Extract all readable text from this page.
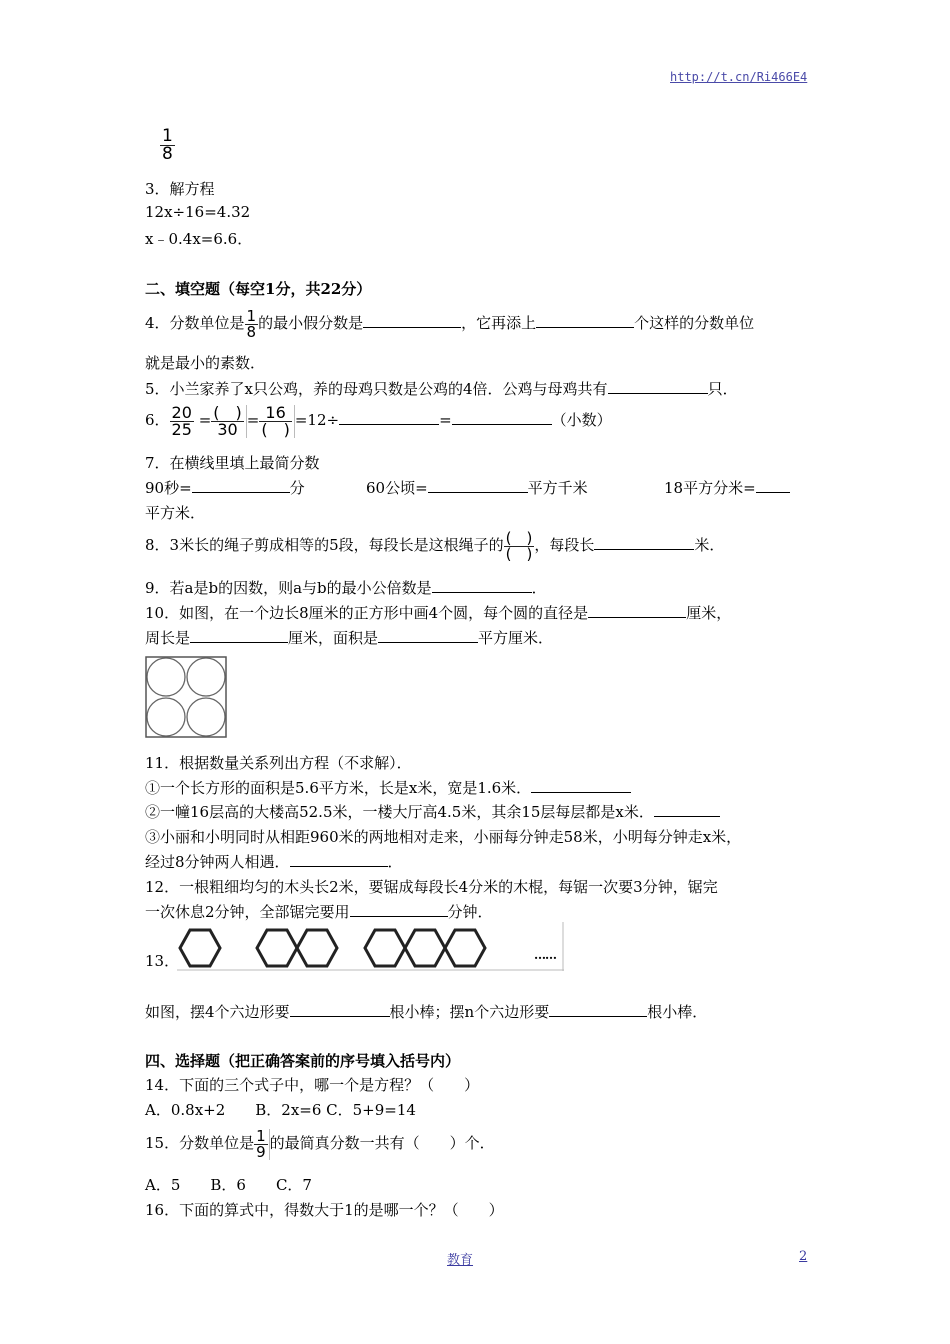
http://t.cn/Ri466E4
$\frac{1}{8}$
3．解方程
12x÷16=4.32
x﹣0.4x=6.6．
二、填空题（每空1分，共22分）
4．分数单位是 $\frac{1}{8}$ 的最小假分数是	，它再添上	个这样的分数单位
就是最小的素数．
5．小兰家养了x只公鸡，养的母鸡只数是公鸡的4倍．公鸡与母鸡共有	只．
6． $\frac{20}{25} = \frac{( )}{30} = \frac{16}{( )} =12\div$	=	（小数）
7．在横线里填上最简分数
90秒=	分	60公顷=	平方千米	18平方分米=
平方米．
8．3米长的绳子剪成相等的5段，每段长是这根绳子的 $\frac{( )}{( )}$ ，每段长	米．
9．若a是b的因数，则a与b的最小公倍数是	．
10．如图，在一个边长8厘米的正方形中画4个圆，每个圆的直径是	厘米，
周长是	厘米，面积是	平方厘米．
11．根据数量关系列出方程（不求解）．
①一个长方形的面积是5.6平方米，长是x米，宽是1.6米．
②一幢16层高的大楼高52.5米，一楼大厅高4.5米，其余15层每层都是x米．
③小丽和小明同时从相距960米的两地相对走来，小丽每分钟走58米，小明每分钟走x米，
经过8分钟两人相遇．	．
12．一根粗细均匀的木头长2米，要锯成每段长4分米的木棍，每锯一次要3分钟，锯完
一次休息2分钟，全部锯完要用	分钟．
13．	……
如图，摆4个六边形要	根小棒；摆n个六边形要	根小棒．
四、选择题（把正确答案前的序号填入括号内）
14．下面的三个式子中，哪一个是方程？（　　）
A．0.8x+2　　B．2x=6 C．5+9=14
15．分数单位是 $\frac{1}{9}$ 的最简真分数一共有（　　）个．
A．5　　B．6　　C．7
16．下面的算式中，得数大于1的是哪一个？（　　）
教育	2
